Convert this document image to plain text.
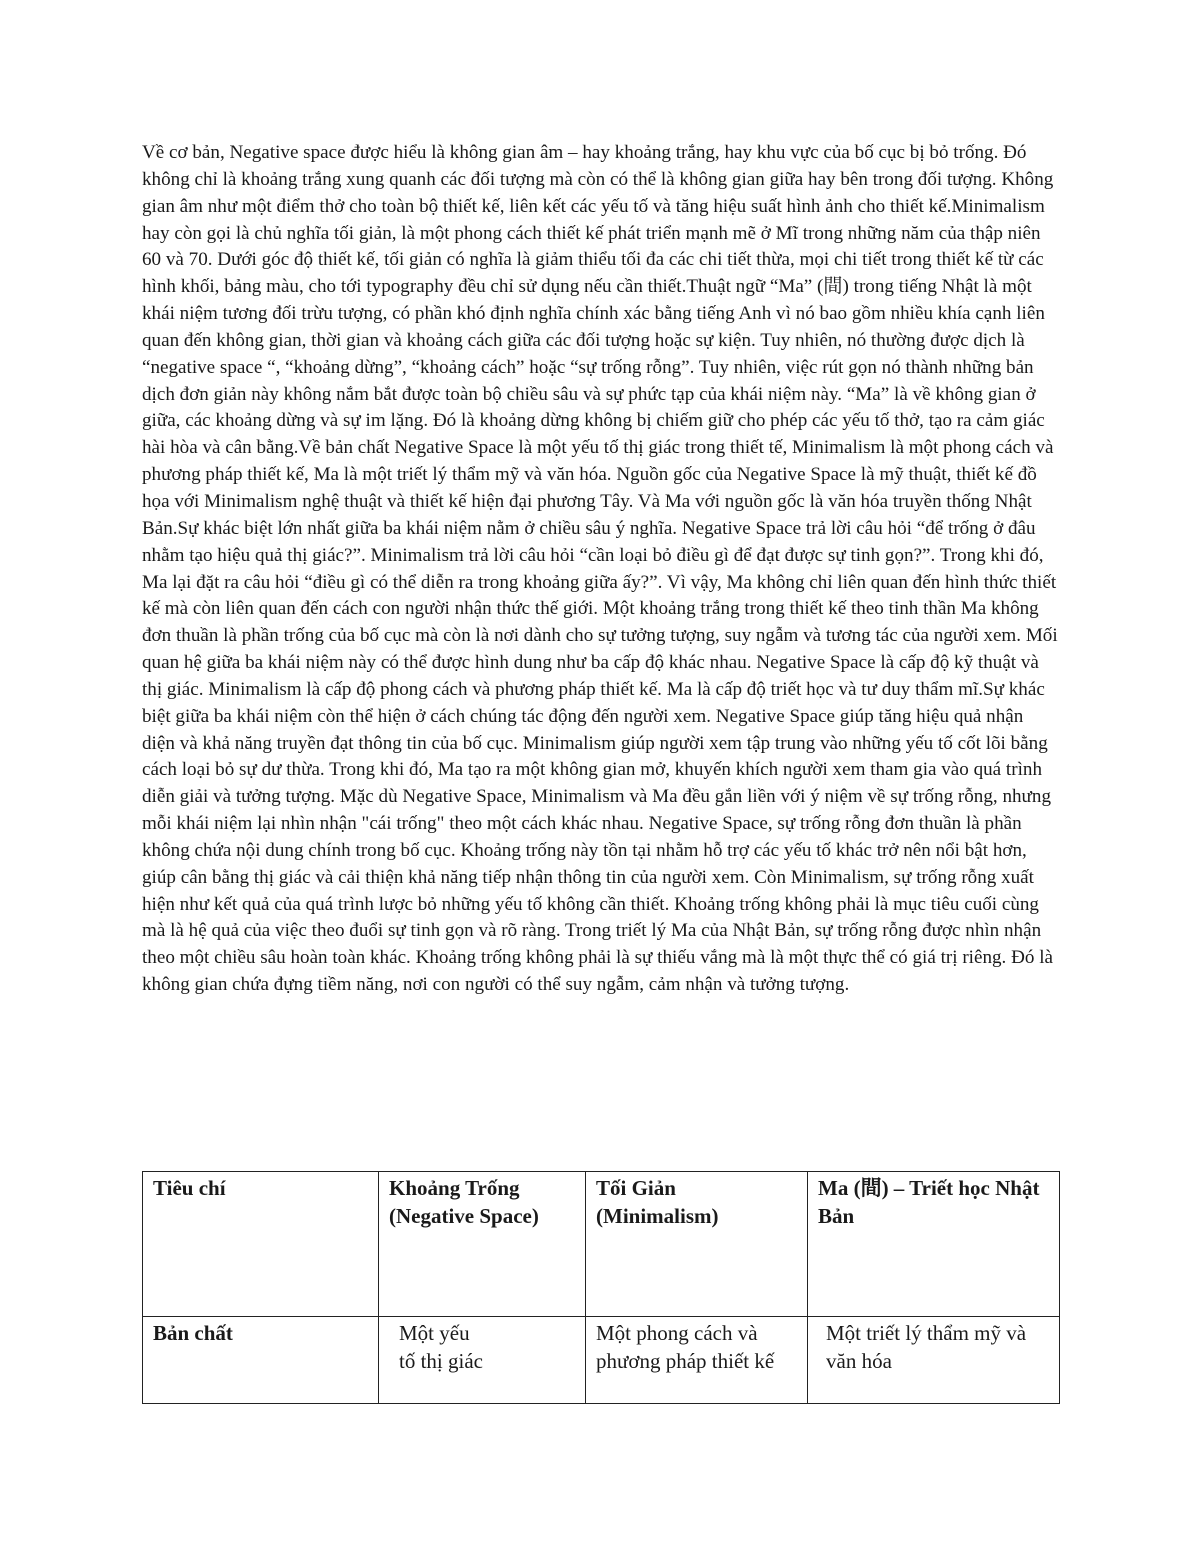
Về cơ bản, Negative space được hiểu là không gian âm – hay khoảng trắng, hay khu vực của bố cục bị bỏ trống. Đó không chỉ là khoảng trắng xung quanh các đối tượng mà còn có thể là không gian giữa hay bên trong đối tượng. Không gian âm như một điểm thở cho toàn bộ thiết kế, liên kết các yếu tố và tăng hiệu suất hình ảnh cho thiết kế.Minimalism hay còn gọi là chủ nghĩa tối giản, là một phong cách thiết kế phát triển mạnh mẽ ở Mĩ trong những năm của thập niên 60 và 70. Dưới góc độ thiết kế, tối giản có nghĩa là giảm thiểu tối đa các chi tiết thừa, mọi chi tiết trong thiết kế từ các hình khối, bảng màu, cho tới typography đều chỉ sử dụng nếu cần thiết.Thuật ngữ “Ma” (間) trong tiếng Nhật là một khái niệm tương đối trừu tượng, có phần khó định nghĩa chính xác bằng tiếng Anh vì nó bao gồm nhiều khía cạnh liên quan đến không gian, thời gian và khoảng cách giữa các đối tượng hoặc sự kiện. Tuy nhiên, nó thường được dịch là “negative space “, “khoảng dừng”, “khoảng cách” hoặc “sự trống rỗng”. Tuy nhiên, việc rút gọn nó thành những bản dịch đơn giản này không nắm bắt được toàn bộ chiều sâu và sự phức tạp của khái niệm này. “Ma” là về không gian ở giữa, các khoảng dừng và sự im lặng. Đó là khoảng dừng không bị chiếm giữ cho phép các yếu tố thở, tạo ra cảm giác hài hòa và cân bằng.Về bản chất Negative Space là một yếu tố thị giác trong thiết tế, Minimalism là một phong cách và phương pháp thiết kế, Ma là một triết lý thẩm mỹ và văn hóa. Nguồn gốc của Negative Space là mỹ thuật, thiết kế đồ họa với Minimalism nghệ thuật và thiết kế hiện đại phương Tây. Và Ma với nguồn gốc là văn hóa truyền thống Nhật Bản.Sự khác biệt lớn nhất giữa ba khái niệm nằm ở chiều sâu ý nghĩa. Negative Space trả lời câu hỏi “để trống ở đâu nhằm tạo hiệu quả thị giác?”. Minimalism trả lời câu hỏi “cần loại bỏ điều gì để đạt được sự tinh gọn?”. Trong khi đó, Ma lại đặt ra câu hỏi “điều gì có thể diễn ra trong khoảng giữa ấy?”. Vì vậy, Ma không chỉ liên quan đến hình thức thiết kế mà còn liên quan đến cách con người nhận thức thế giới. Một khoảng trắng trong thiết kế theo tinh thần Ma không đơn thuần là phần trống của bố cục mà còn là nơi dành cho sự tưởng tượng, suy ngẫm và tương tác của người xem. Mối quan hệ giữa ba khái niệm này có thể được hình dung như ba cấp độ khác nhau. Negative Space là cấp độ kỹ thuật và thị giác. Minimalism là cấp độ phong cách và phương pháp thiết kế. Ma là cấp độ triết học và tư duy thẩm mĩ.Sự khác biệt giữa ba khái niệm còn thể hiện ở cách chúng tác động đến người xem. Negative Space giúp tăng hiệu quả nhận diện và khả năng truyền đạt thông tin của bố cục. Minimalism giúp người xem tập trung vào những yếu tố cốt lõi bằng cách loại bỏ sự dư thừa. Trong khi đó, Ma tạo ra một không gian mở, khuyến khích người xem tham gia vào quá trình diễn giải và tưởng tượng. Mặc dù Negative Space, Minimalism và Ma đều gắn liền với ý niệm về sự trống rỗng, nhưng mỗi khái niệm lại nhìn nhận "cái trống" theo một cách khác nhau. Negative Space, sự trống rỗng đơn thuần là phần không chứa nội dung chính trong bố cục. Khoảng trống này tồn tại nhằm hỗ trợ các yếu tố khác trở nên nổi bật hơn, giúp cân bằng thị giác và cải thiện khả năng tiếp nhận thông tin của người xem. Còn Minimalism, sự trống rỗng xuất hiện như kết quả của quá trình lược bỏ những yếu tố không cần thiết. Khoảng trống không phải là mục tiêu cuối cùng mà là hệ quả của việc theo đuổi sự tinh gọn và rõ ràng. Trong triết lý Ma của Nhật Bản, sự trống rỗng được nhìn nhận theo một chiều sâu hoàn toàn khác. Khoảng trống không phải là sự thiếu vắng mà là một thực thể có giá trị riêng. Đó là không gian chứa đựng tiềm năng, nơi con người có thể suy ngẫm, cảm nhận và tưởng tượng.

Tiêu chí	Khoảng Trống (Negative Space)	Tối Giản (Minimalism)	Ma (間) – Triết học Nhật Bản
Bản chất	Một yếu tố thị giác	Một phong cách và phương pháp thiết kế	Một triết lý thẩm mỹ và văn hóa
